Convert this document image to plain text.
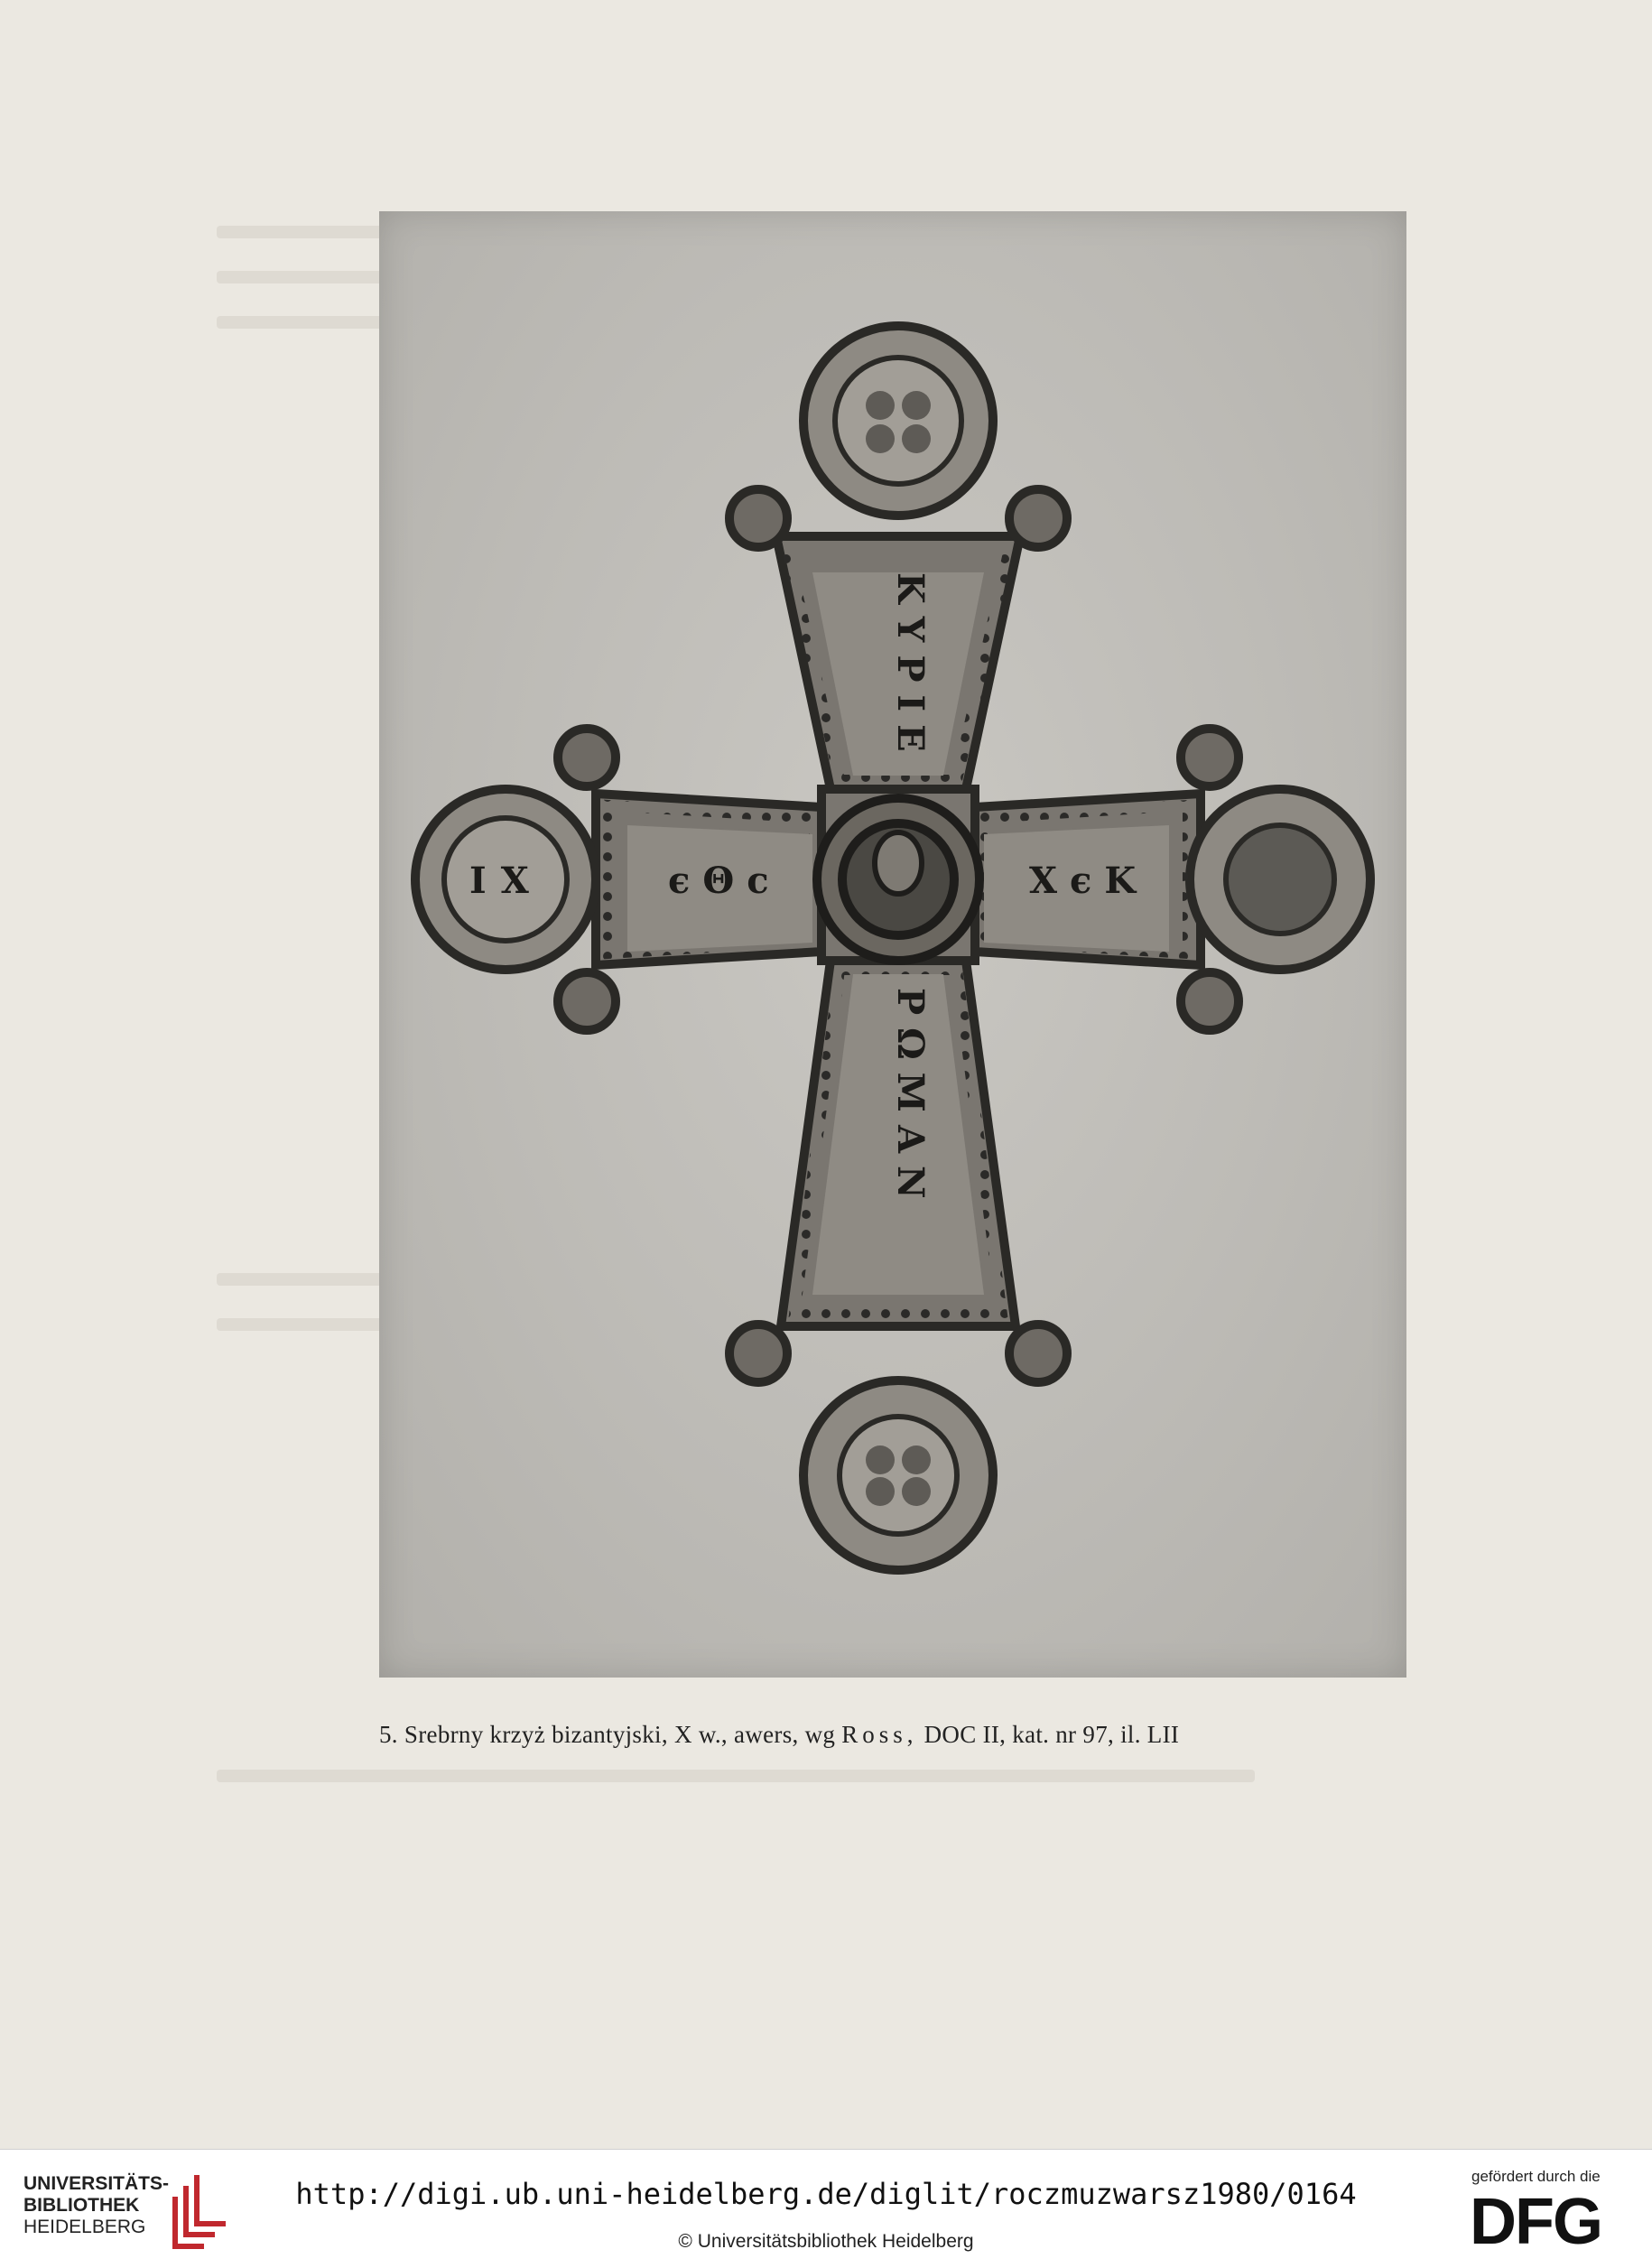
ΚΥΡΙΕ
ΡΩΜΑΝ
ϵΘϲ	ΧϵΚ
ΙΧ
5. Srebrny krzyż bizantyjski, X w., awers, wg Ross, DOC II, kat. nr 97, il. LII
UNIVERSITÄTS-
BIBLIOTHEK
HEIDELBERG
http://digi.ub.uni-heidelberg.de/diglit/roczmuzwarsz1980/0164
© Universitätsbibliothek Heidelberg
gefördert durch die
DFG
